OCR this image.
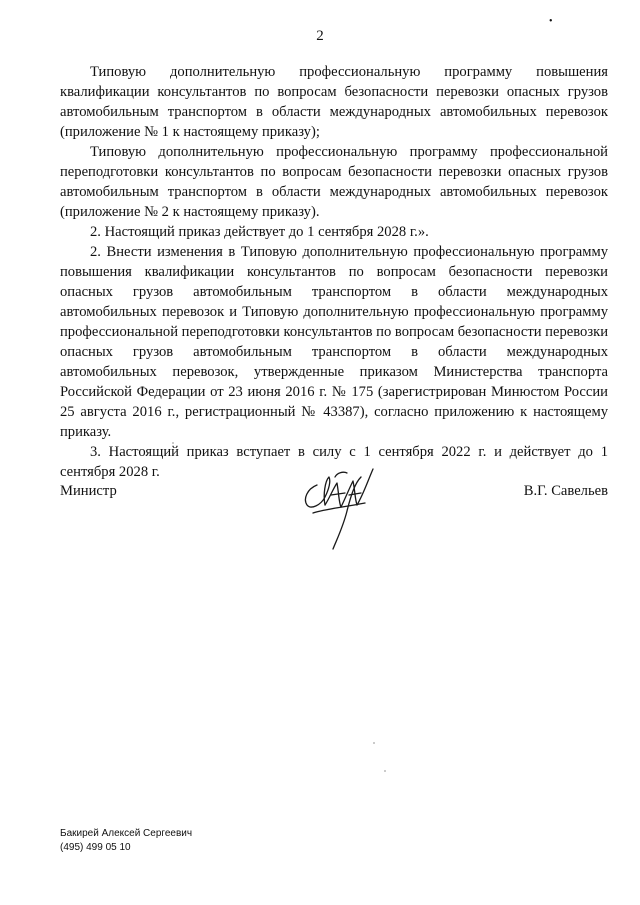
2
•

Типовую дополнительную профессиональную программу повышения квалификации консультантов по вопросам безопасности перевозки опасных грузов автомобильным транспортом в области международных автомобильных перевозок (приложение № 1 к настоящему приказу);

Типовую дополнительную профессиональную программу профессиональной переподготовки консультантов по вопросам безопасности перевозки опасных грузов автомобильным транспортом в области международных автомобильных перевозок (приложение № 2 к настоящему приказу).

2. Настоящий приказ действует до 1 сентября 2028 г.».

2. Внести изменения в Типовую дополнительную профессиональную программу повышения квалификации консультантов по вопросам безопасности перевозки опасных грузов автомобильным транспортом в области международных автомобильных перевозок и Типовую дополнительную профессиональную программу профессиональной переподготовки консультантов по вопросам безопасности перевозки опасных грузов автомобильным транспортом в области международных автомобильных перевозок, утвержденные приказом Министерства транспорта Российской Федерации от 23 июня 2016 г. № 175 (зарегистрирован Минюстом России 25 августа 2016 г., регистрационный № 43387), согласно приложению к настоящему приказу.

3. Настоящий приказ вступает в силу с 1 сентября 2022 г. и действует до 1 сентября 2028 г.

Министр	В.Г. Савельев
Бакирей Алексей Сергеевич
(495) 499 05 10
